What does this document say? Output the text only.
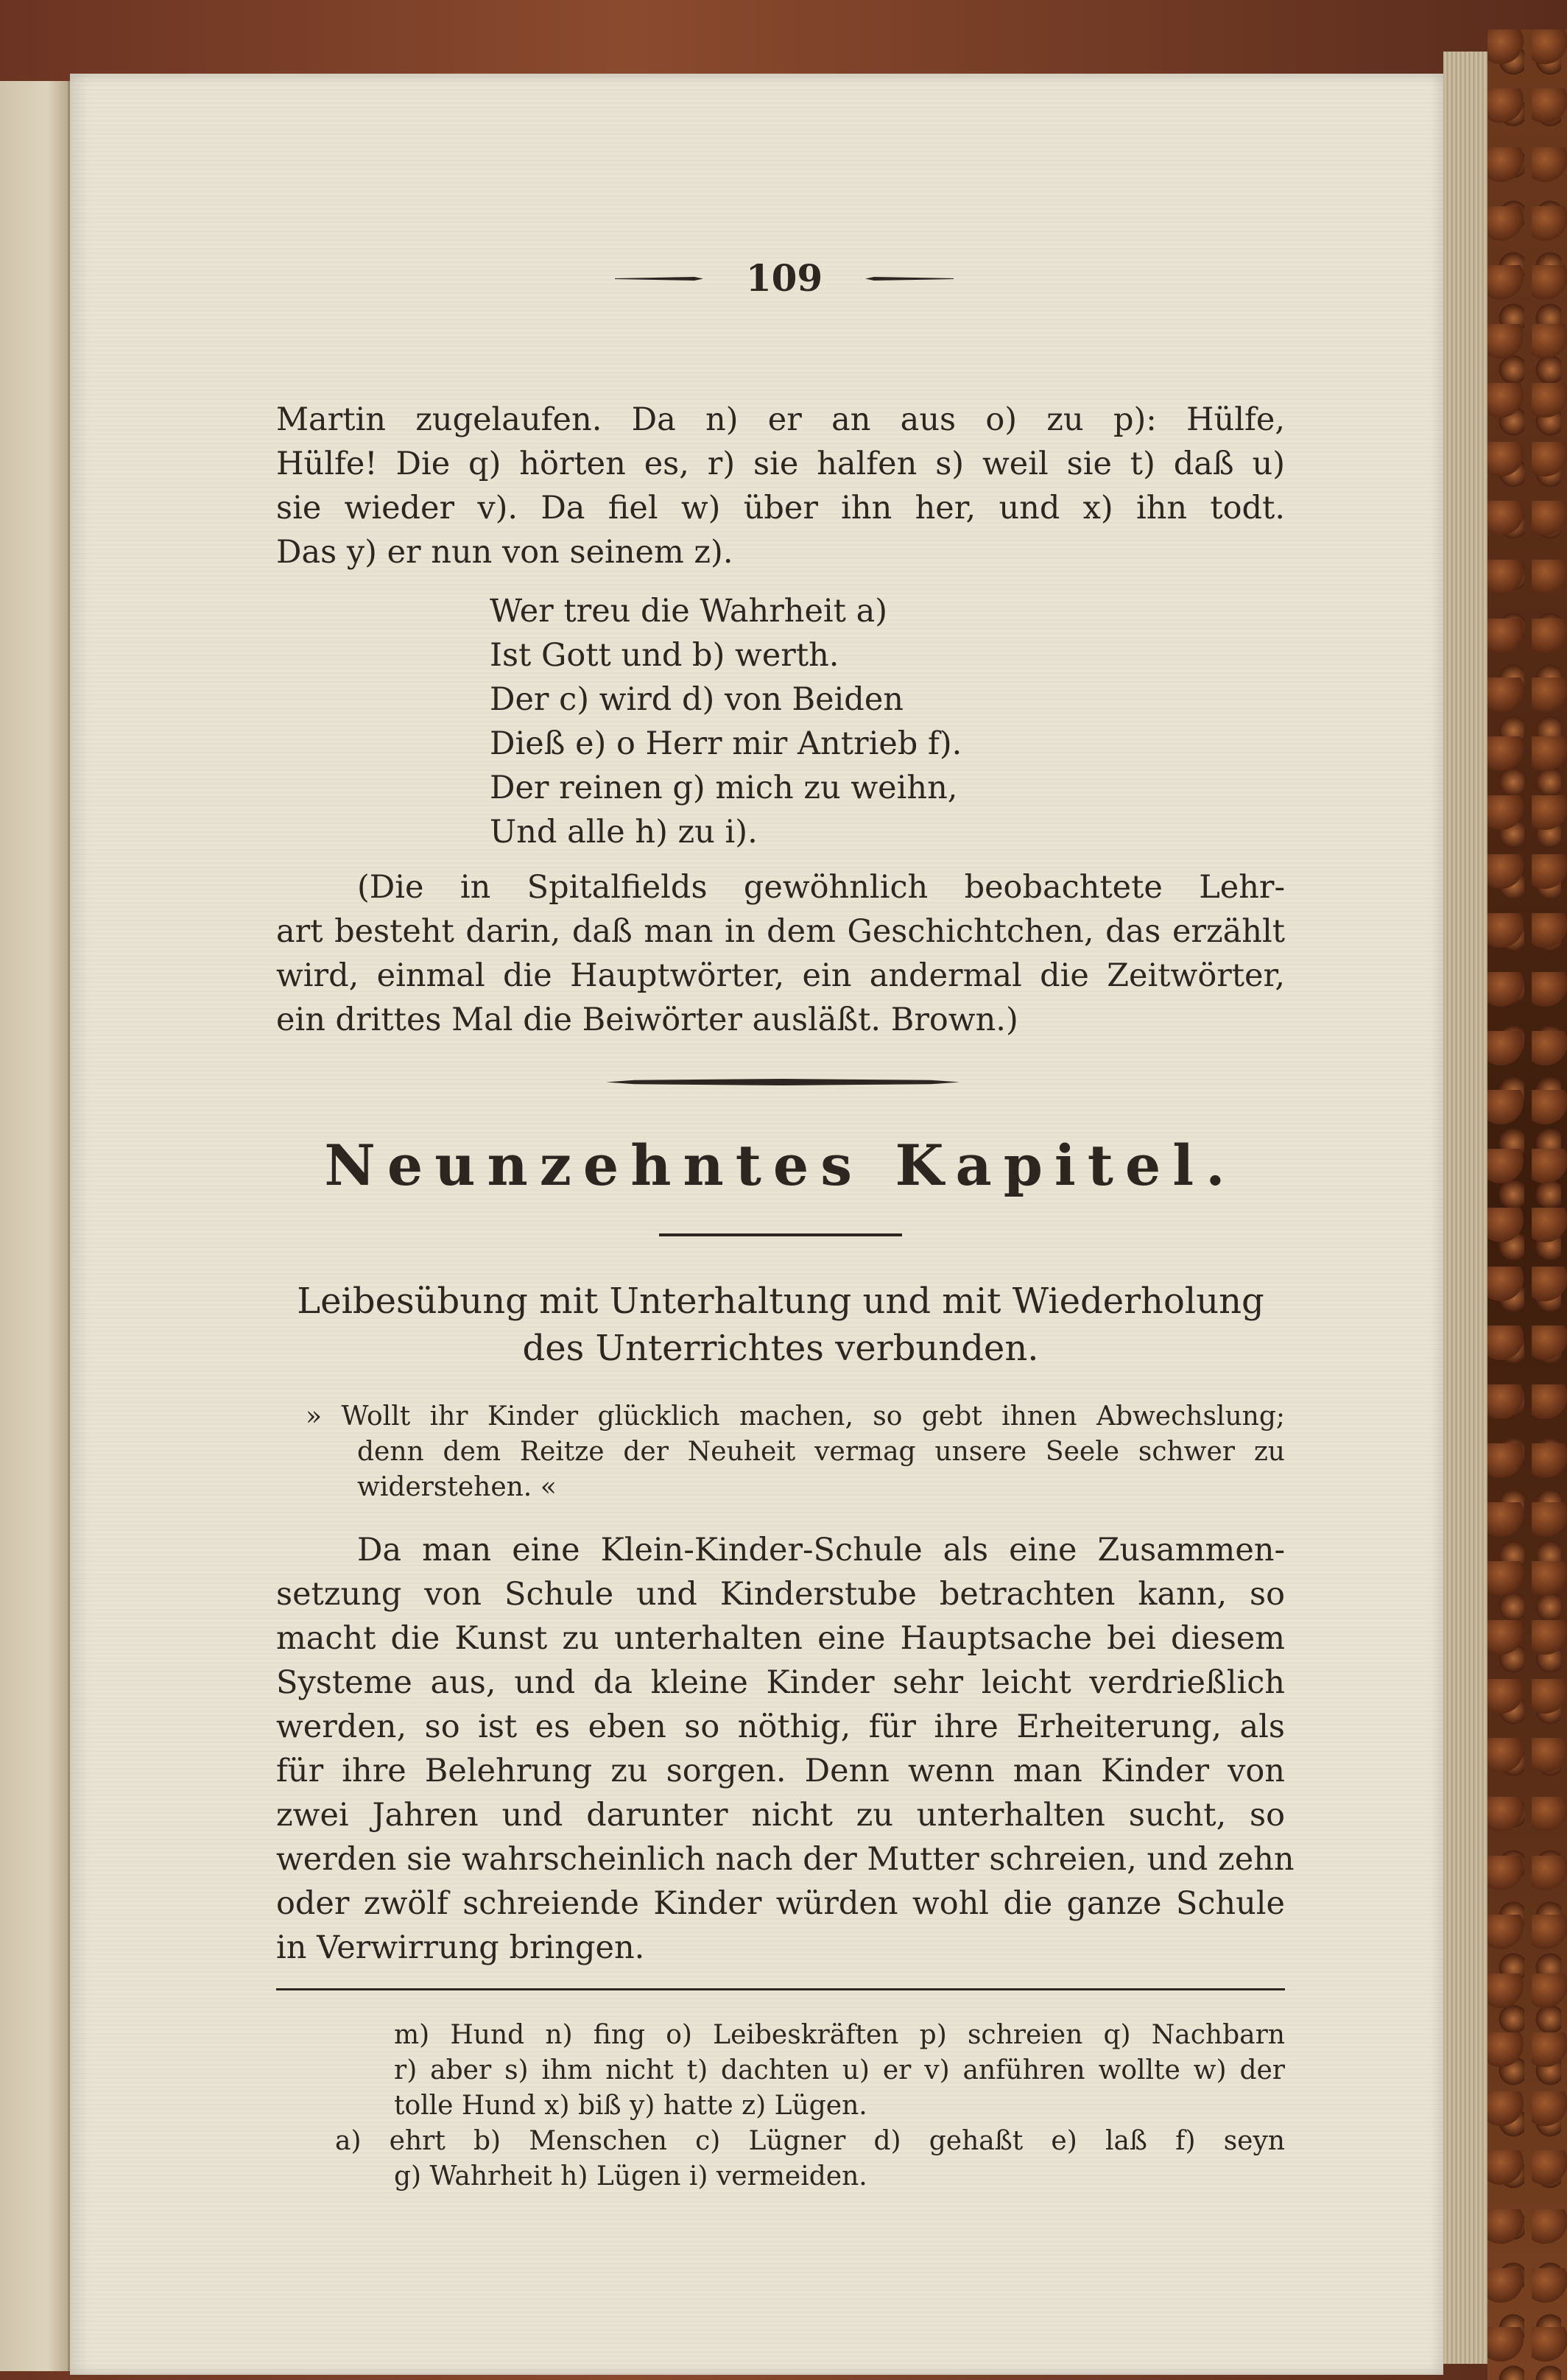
109
Martin zugelaufen. Da n) er an aus o) zu p): Hülfe,
Hülfe! Die q) hörten es, r) sie halfen s) weil sie t) daß u)
sie wieder v). Da fiel w) über ihn her, und x) ihn todt.
Das y) er nun von seinem z).
Wer treu die Wahrheit a)
Ist Gott und b) werth.
Der c) wird d) von Beiden
Dieß e) o Herr mir Antrieb f).
Der reinen g) mich zu weihn,
Und alle h) zu i).
(Die in Spitalfields gewöhnlich beobachtete Lehr-
art besteht darin, daß man in dem Geschichtchen, das erzählt
wird, einmal die Hauptwörter, ein andermal die Zeitwörter,
ein drittes Mal die Beiwörter ausläßt. Brown.)
Neunzehntes Kapitel.
Leibesübung mit Unterhaltung und mit Wiederholung
des Unterrichtes verbunden.
» Wollt ihr Kinder glücklich machen, so gebt ihnen Abwechslung;
denn dem Reitze der Neuheit vermag unsere Seele schwer zu
widerstehen. «
Da man eine Klein-Kinder-Schule als eine Zusammen-
setzung von Schule und Kinderstube betrachten kann, so
macht die Kunst zu unterhalten eine Hauptsache bei diesem
Systeme aus, und da kleine Kinder sehr leicht verdrießlich
werden, so ist es eben so nöthig, für ihre Erheiterung, als
für ihre Belehrung zu sorgen. Denn wenn man Kinder von
zwei Jahren und darunter nicht zu unterhalten sucht, so
werden sie wahrscheinlich nach der Mutter schreien, und zehn
oder zwölf schreiende Kinder würden wohl die ganze Schule
in Verwirrung bringen.
m) Hund n) fing o) Leibeskräften p) schreien q) Nachbarn
r) aber s) ihm nicht t) dachten u) er v) anführen wollte w) der
tolle Hund x) biß y) hatte z) Lügen.
a) ehrt b) Menschen c) Lügner d) gehaßt e) laß f) seyn
g) Wahrheit h) Lügen i) vermeiden.
